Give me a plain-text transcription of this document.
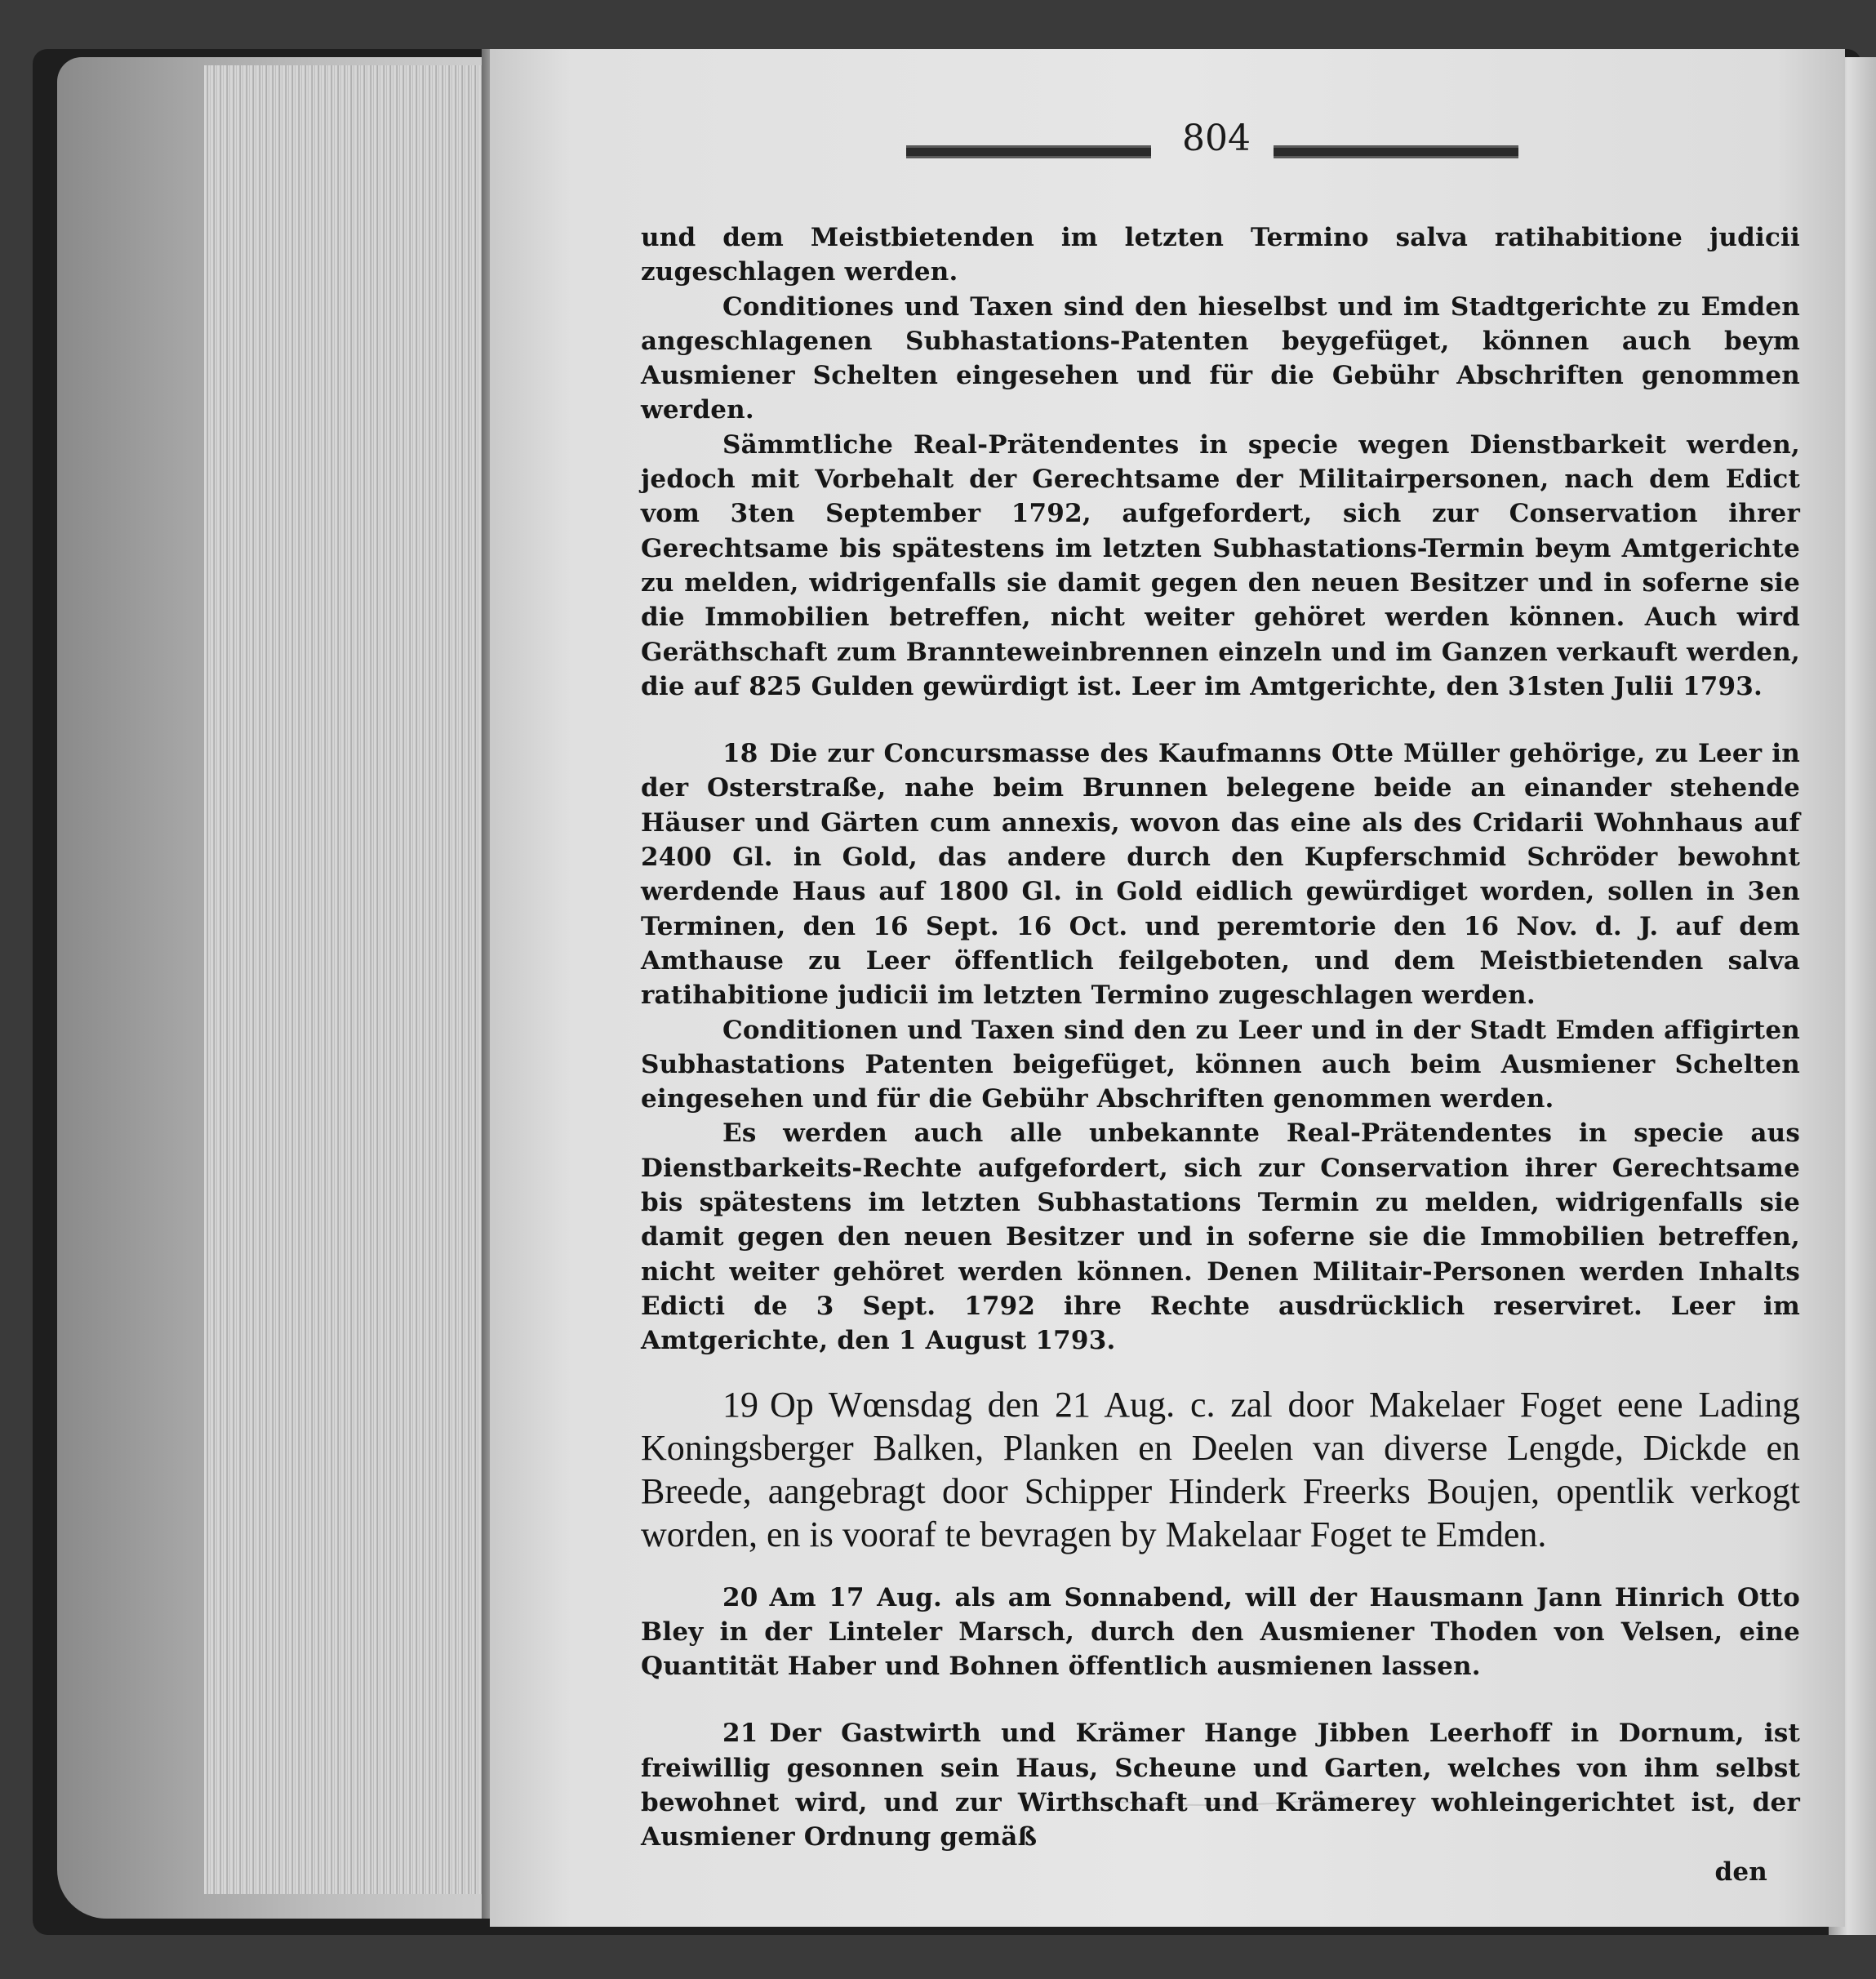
804

und dem Meistbietenden im letzten Termino salva ratihabitione judicii zugeschlagen werden.

Conditiones und Taxen sind den hieselbst und im Stadtgerichte zu Emden angeschlagenen Subhastations-Patenten beygefüget, können auch beym Ausmiener Schelten eingesehen und für die Gebühr Abschriften genommen werden.

Sämmtliche Real-Prätendentes in specie wegen Dienstbarkeit werden, jedoch mit Vorbehalt der Gerechtsame der Militairpersonen, nach dem Edict vom 3ten September 1792, aufgefordert, sich zur Conservation ihrer Gerechtsame bis spätestens im letzten Subhastations-Termin beym Amtgerichte zu melden, widrigenfalls sie damit gegen den neuen Besitzer und in soferne sie die Immobilien betreffen, nicht weiter gehöret werden können. Auch wird Geräthschaft zum Brannteweinbrennen einzeln und im Ganzen verkauft werden, die auf 825 Gulden gewürdigt ist. Leer im Amtgerichte, den 31sten Julii 1793.

18 Die zur Concursmasse des Kaufmanns Otte Müller gehörige, zu Leer in der Osterstraße, nahe beim Brunnen belegene beide an einander stehende Häuser und Gärten cum annexis, wovon das eine als des Cridarii Wohnhaus auf 2400 Gl. in Gold, das andere durch den Kupferschmid Schröder bewohnt werdende Haus auf 1800 Gl. in Gold eidlich gewürdiget worden, sollen in 3en Terminen, den 16 Sept. 16 Oct. und peremtorie den 16 Nov. d. J. auf dem Amthause zu Leer öffentlich feilgeboten, und dem Meistbietenden salva ratihabitione judicii im letzten Termino zugeschlagen werden.

Conditionen und Taxen sind den zu Leer und in der Stadt Emden affigirten Subhastations Patenten beigefüget, können auch beim Ausmiener Schelten eingesehen und für die Gebühr Abschriften genommen werden.

Es werden auch alle unbekannte Real-Prätendentes in specie aus Dienstbarkeits-Rechte aufgefordert, sich zur Conservation ihrer Gerechtsame bis spätestens im letzten Subhastations Termin zu melden, widrigenfalls sie damit gegen den neuen Besitzer und in soferne sie die Immobilien betreffen, nicht weiter gehöret werden können. Denen Militair-Personen werden Inhalts Edicti de 3 Sept. 1792 ihre Rechte ausdrücklich reserviret. Leer im Amtgerichte, den 1 August 1793.

19 Op Wœnsdag den 21 Aug. c. zal door Makelaer Foget eene Lading Koningsberger Balken, Planken en Deelen van diverse Lengde, Dickde en Breede, aangebragt door Schipper Hinderk Freerks Boujen, opentlik verkogt worden, en is vooraf te bevragen by Makelaar Foget te Emden.

20 Am 17 Aug. als am Sonnabend, will der Hausmann Jann Hinrich Otto Bley in der Linteler Marsch, durch den Ausmiener Thoden von Velsen, eine Quantität Haber und Bohnen öffentlich ausmienen lassen.

21 Der Gastwirth und Krämer Hange Jibben Leerhoff in Dornum, ist freiwillig gesonnen sein Haus, Scheune und Garten, welches von ihm selbst bewohnet wird, und zur Wirthschaft und Krämerey wohleingerichtet ist, der Ausmiener Ordnung gemäß

den
